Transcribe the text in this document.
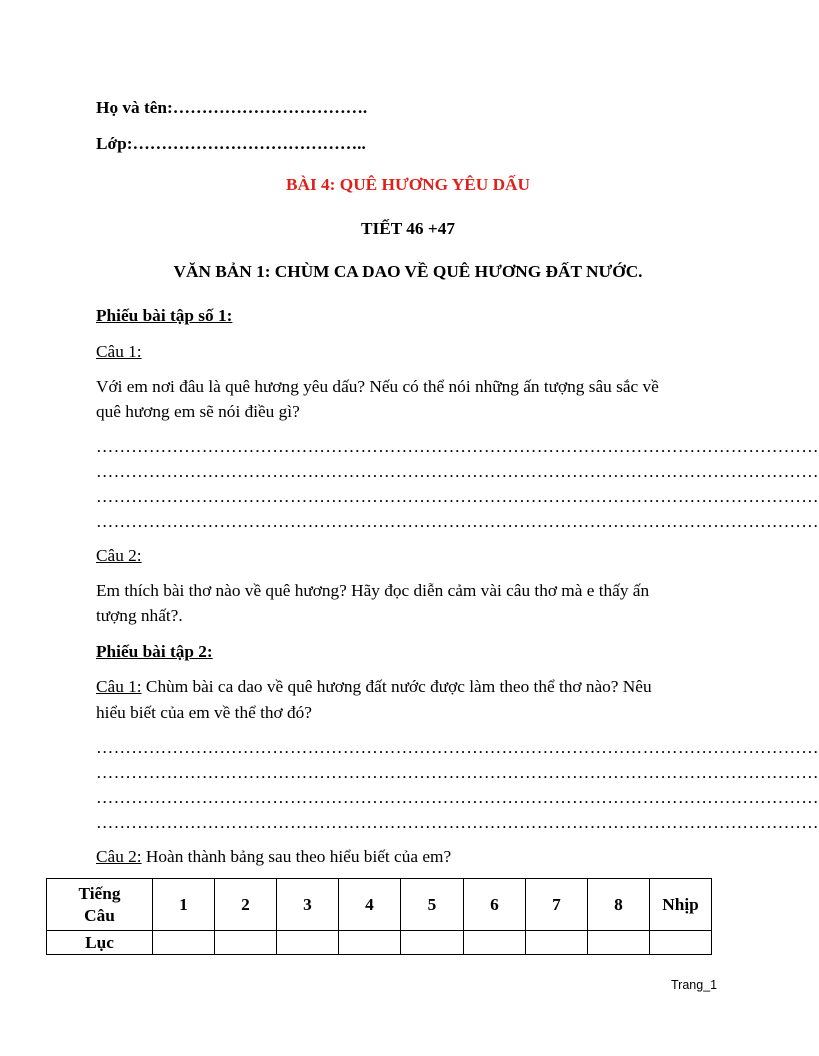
Họ và tên:…………………………….
Lớp:…………………………………..
BÀI 4: QUÊ HƯƠNG YÊU DẤU
TIẾT 46 +47
VĂN BẢN 1: CHÙM CA DAO VỀ QUÊ HƯƠNG ĐẤT NƯỚC.
Phiếu bài tập số 1:
Câu 1:
Với em nơi đâu là quê hương yêu dấu? Nếu có thể nói những ấn tượng sâu sắc về
quê hương em sẽ nói điều gì?
……………………………………………………………………………………………………………
……………………………………………………………………………………………………………
……………………………………………………………………………………………………………
……………………………………………………………………………………………………………
Câu 2:
Em thích bài thơ nào về quê hương? Hãy đọc diễn cảm vài câu thơ mà e thấy ấn
tượng nhất?.
Phiếu bài tập 2:
Câu 1: Chùm bài ca dao về quê hương đất nước được làm theo thể thơ nào? Nêu
hiểu biết của em về thể thơ đó?
……………………………………………………………………………………………………………
……………………………………………………………………………………………………………
……………………………………………………………………………………………………………
……………………………………………………………………………………………………………
Câu 2: Hoàn thành bảng sau theo hiểu biết của em?
Tiếng
Câu	1	2	3	4	5	6	7	8	Nhịp
Lục									
Trang_1
